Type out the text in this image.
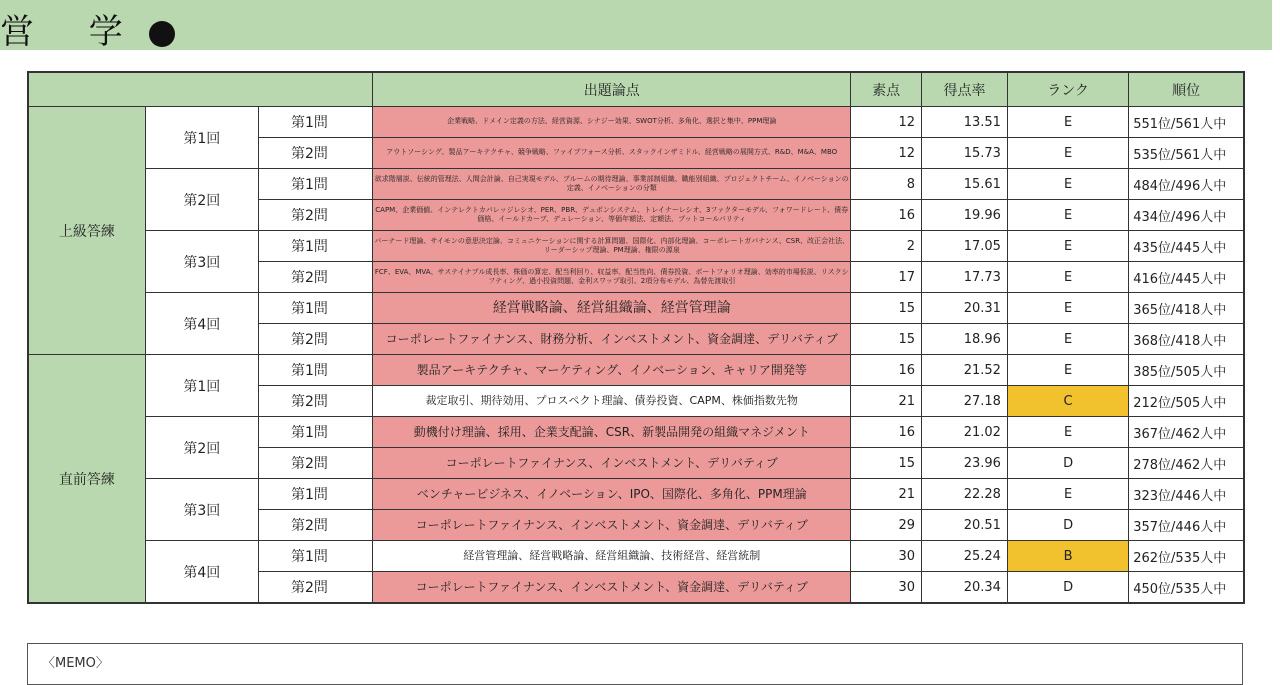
営 学
			出題論点	素点	得点率	ランク	順位
上級答練	第1回	第1問	企業戦略、ドメイン定義の方法、経営資源、シナジー効果、SWOT分析、多角化、選択と集中、PPM理論	12	13.51	E	551位/561人中
		第2問	アウトソーシング、製品アーキテクチャ、競争戦略、ファイブフォース分析、スタックインザミドル、経営戦略の展開方式、R&D、M&A、MBO	12	15.73	E	535位/561人中
	第2回	第1問	欲求階層説、伝統的管理法、人間会計論、自己実現モデル、ブルームの期待理論、事業部制組織、職能別組織、プロジェクトチーム、イノベーションの定義、イノベーションの分類	8	15.61	E	484位/496人中
		第2問	CAPM、企業価値、インテレクトカバレッジレシオ、PER、PBR、デュポンシステム、トレイナーレシオ、3ファクターモデル、フォワードレート、債券価格、イールドカーブ、デュレーション、等価年額法、定額法、プットコールパリティ	16	19.96	E	434位/496人中
	第3回	第1問	バーナード理論、サイモンの意思決定論、コミュニケーションに関する計算問題、国際化、内部化理論、コーポレートガバナンス、CSR、改正会社法、リーダーシップ理論、PM理論、権限の源泉	2	17.05	E	435位/445人中
		第2問	FCF、EVA、MVA、サステイナブル成長率、株価の算定、配当利回り、収益率、配当性向、債券投資、ポートフォリオ理論、効率的市場仮説、リスクシフティング、過小投資問題、金利スワップ取引、2項分布モデル、為替先渡取引	17	17.73	E	416位/445人中
	第4回	第1問	経営戦略論、経営組織論、経営管理論	15	20.31	E	365位/418人中
		第2問	コーポレートファイナンス、財務分析、インベストメント、資金調達、デリバティブ	15	18.96	E	368位/418人中
直前答練	第1回	第1問	製品アーキテクチャ、マーケティング、イノベーション、キャリア開発等	16	21.52	E	385位/505人中
		第2問	裁定取引、期待効用、プロスペクト理論、債券投資、CAPM、株価指数先物	21	27.18	C	212位/505人中
	第2回	第1問	動機付け理論、採用、企業支配論、CSR、新製品開発の組織マネジメント	16	21.02	E	367位/462人中
		第2問	コーポレートファイナンス、インベストメント、デリバティブ	15	23.96	D	278位/462人中
	第3回	第1問	ベンチャービジネス、イノベーション、IPO、国際化、多角化、PPM理論	21	22.28	E	323位/446人中
		第2問	コーポレートファイナンス、インベストメント、資金調達、デリバティブ	29	20.51	D	357位/446人中
	第4回	第1問	経営管理論、経営戦略論、経営組織論、技術経営、経営統制	30	25.24	B	262位/535人中
		第2問	コーポレートファイナンス、インベストメント、資金調達、デリバティブ	30	20.34	D	450位/535人中
〈MEMO〉
